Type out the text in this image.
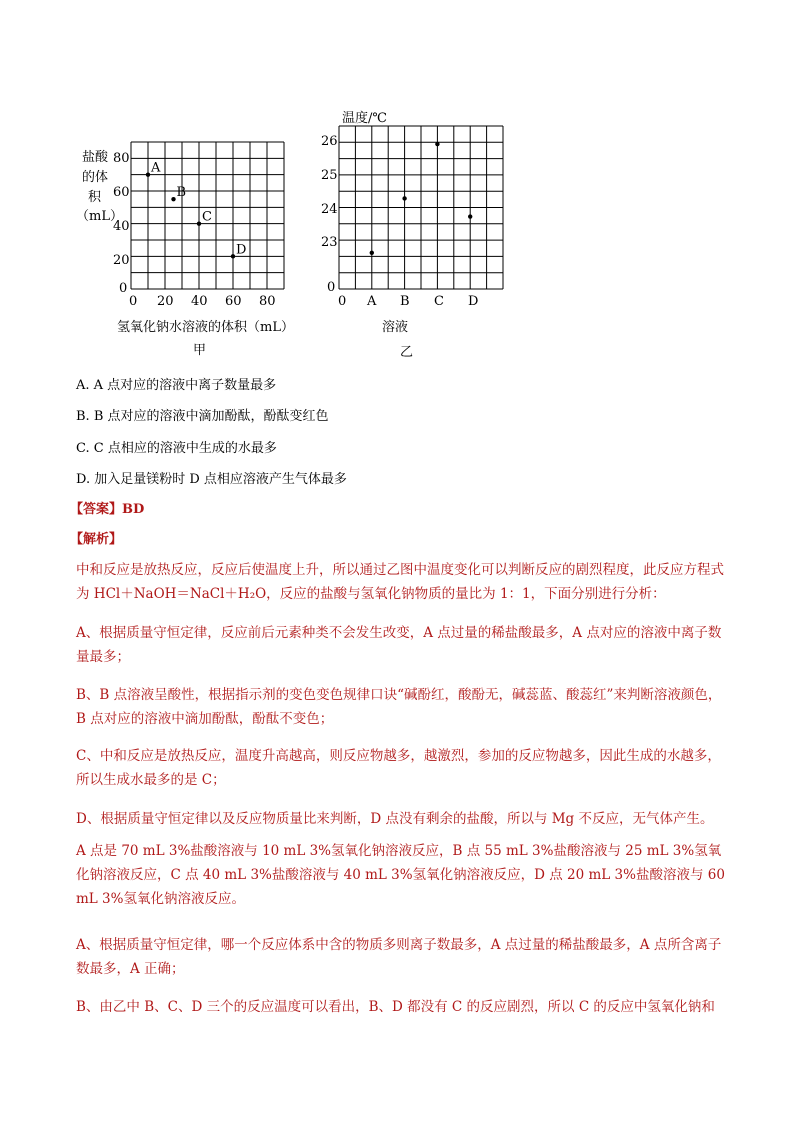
盐酸
的体
积
（mL）
80
60
40
20
0
0 20 40 60 80
A
B
C
D
氢氧化钠水溶液的体积（mL）
甲
温度/℃
26
25
24
23
0
0 A B C D
溶液
乙
A. A 点对应的溶液中离子数量最多
B. B 点对应的溶液中滴加酚酞，酚酞变红色
C. C 点相应的溶液中生成的水最多
D. 加入足量镁粉时 D 点相应溶液产生气体最多
【答案】BD
【解析】
中和反应是放热反应，反应后使温度上升，所以通过乙图中温度变化可以判断反应的剧烈程度，此反应方程式为 HCl＋NaOH＝NaCl＋H₂O，反应的盐酸与氢氧化钠物质的量比为 1：1，下面分别进行分析：
A、根据质量守恒定律，反应前后元素种类不会发生改变，A 点过量的稀盐酸最多，A 点对应的溶液中离子数量最多；
B、B 点溶液呈酸性，根据指示剂的变色变色规律口诀“碱酚红，酸酚无，碱蕊蓝、酸蕊红”来判断溶液颜色，B 点对应的溶液中滴加酚酞，酚酞不变色；
C、中和反应是放热反应，温度升高越高，则反应物越多，越激烈，参加的反应物越多，因此生成的水越多，所以生成水最多的是 C；
D、根据质量守恒定律以及反应物质量比来判断，D 点没有剩余的盐酸，所以与 Mg 不反应，无气体产生。
A 点是 70 mL 3%盐酸溶液与 10 mL 3%氢氧化钠溶液反应，B 点 55 mL 3%盐酸溶液与 25 mL 3%氢氧化钠溶液反应，C 点 40 mL 3%盐酸溶液与 40 mL 3%氢氧化钠溶液反应，D 点 20 mL 3%盐酸溶液与 60 mL 3%氢氧化钠溶液反应。
A、根据质量守恒定律，哪一个反应体系中含的物质多则离子数最多，A 点过量的稀盐酸最多，A 点所含离子数最多，A 正确；
B、由乙中 B、C、D 三个的反应温度可以看出，B、D 都没有 C 的反应剧烈，所以 C 的反应中氢氧化钠和
